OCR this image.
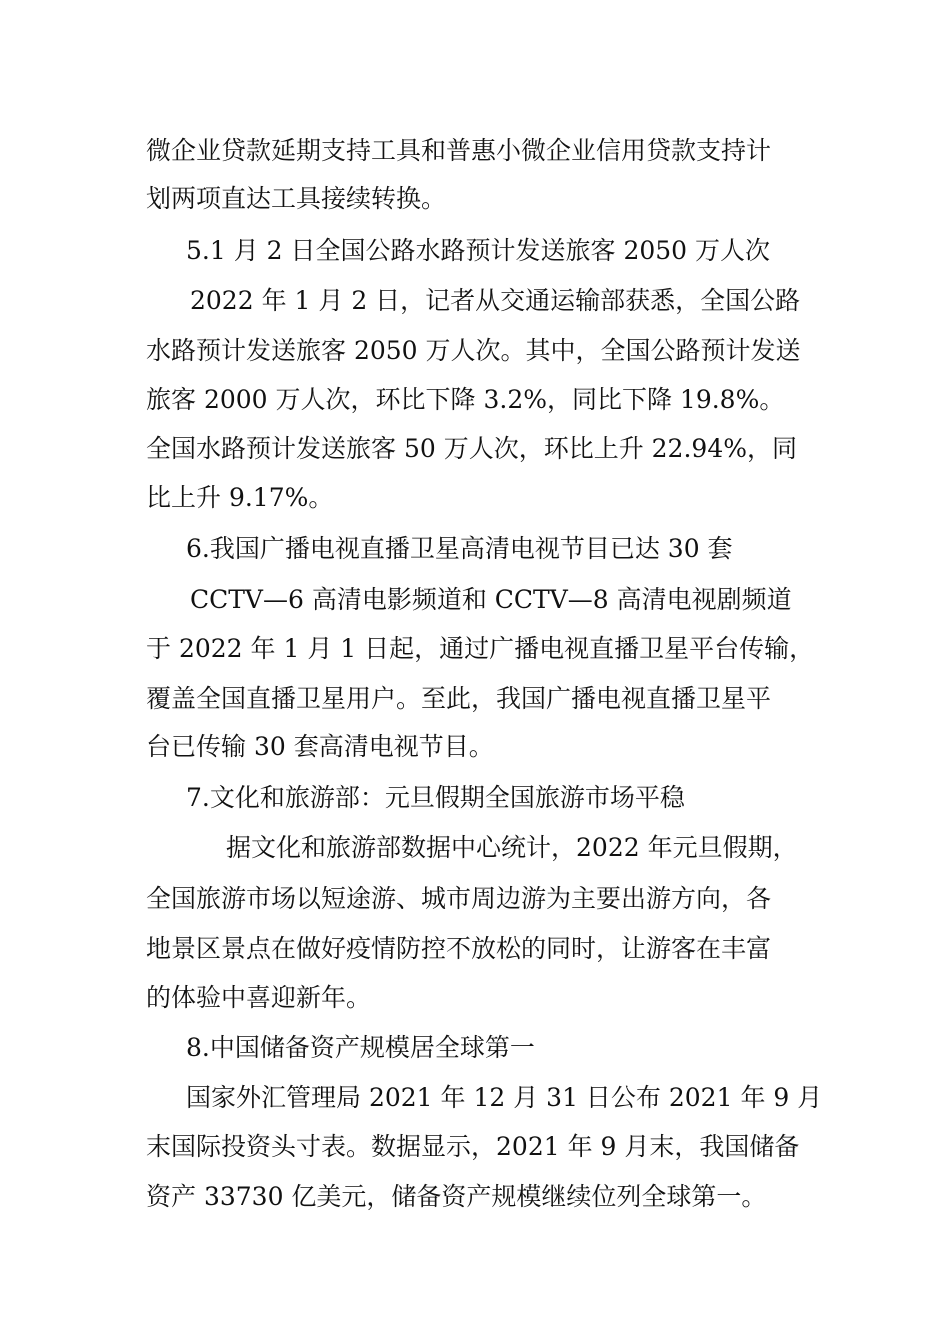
微企业贷款延期支持工具和普惠小微企业信用贷款支持计
划两项直达工具接续转换。
5.1 月 2 日全国公路水路预计发送旅客 2050 万人次
2022 年 1 月 2 日，记者从交通运输部获悉，全国公路
水路预计发送旅客 2050 万人次。其中，全国公路预计发送
旅客 2000 万人次，环比下降 3.2%，同比下降 19.8%。
全国水路预计发送旅客 50 万人次，环比上升 22.94%，同
比上升 9.17%。
6.我国广播电视直播卫星高清电视节目已达 30 套
CCTV—6 高清电影频道和 CCTV—8 高清电视剧频道
于 2022 年 1 月 1 日起，通过广播电视直播卫星平台传输，
覆盖全国直播卫星用户。至此，我国广播电视直播卫星平
台已传输 30 套高清电视节目。
7.文化和旅游部：元旦假期全国旅游市场平稳
据文化和旅游部数据中心统计，2022 年元旦假期，
全国旅游市场以短途游、城市周边游为主要出游方向，各
地景区景点在做好疫情防控不放松的同时，让游客在丰富
的体验中喜迎新年。
8.中国储备资产规模居全球第一
国家外汇管理局 2021 年 12 月 31 日公布 2021 年 9 月
末国际投资头寸表。数据显示，2021 年 9 月末，我国储备
资产 33730 亿美元，储备资产规模继续位列全球第一。
